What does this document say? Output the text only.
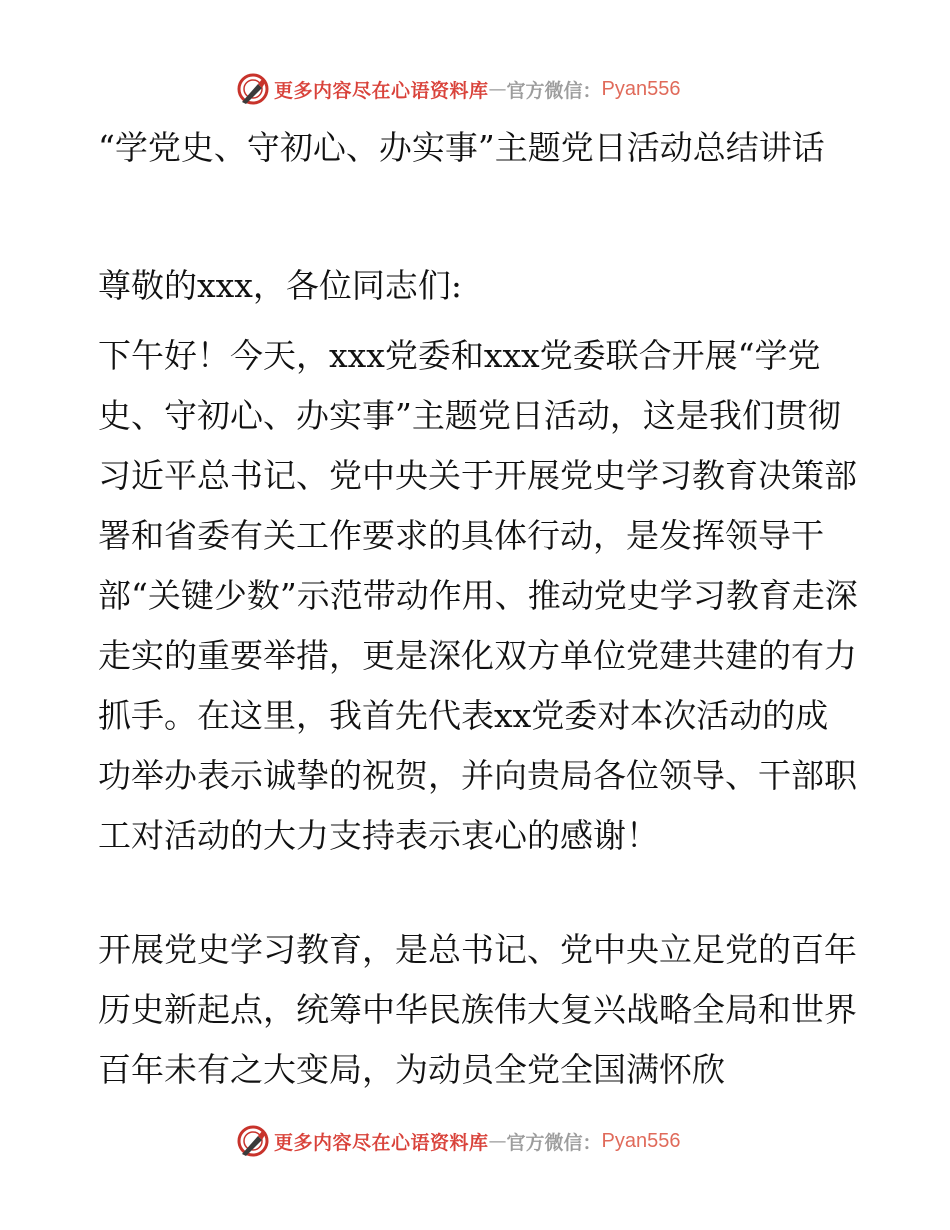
更多内容尽在心语资料库 — 官方微信： Pyan556
“学党史、守初心、办实事”主题党日活动总结讲话
尊敬的xxx，各位同志们:
下午好！今天，xxx党委和xxx党委联合开展“学党史、守初心、办实事”主题党日活动，这是我们贯彻习近平总书记、党中央关于开展党史学习教育决策部署和省委有关工作要求的具体行动，是发挥领导干部“关键少数”示范带动作用、推动党史学习教育走深走实的重要举措，更是深化双方单位党建共建的有力抓手。在这里，我首先代表xx党委对本次活动的成功举办表示诚挚的祝贺，并向贵局各位领导、干部职工对活动的大力支持表示衷心的感谢！
开展党史学习教育，是总书记、党中央立足党的百年历史新起点，统筹中华民族伟大复兴战略全局和世界百年未有之大变局，为动员全党全国满怀欣
更多内容尽在心语资料库 — 官方微信： Pyan556
